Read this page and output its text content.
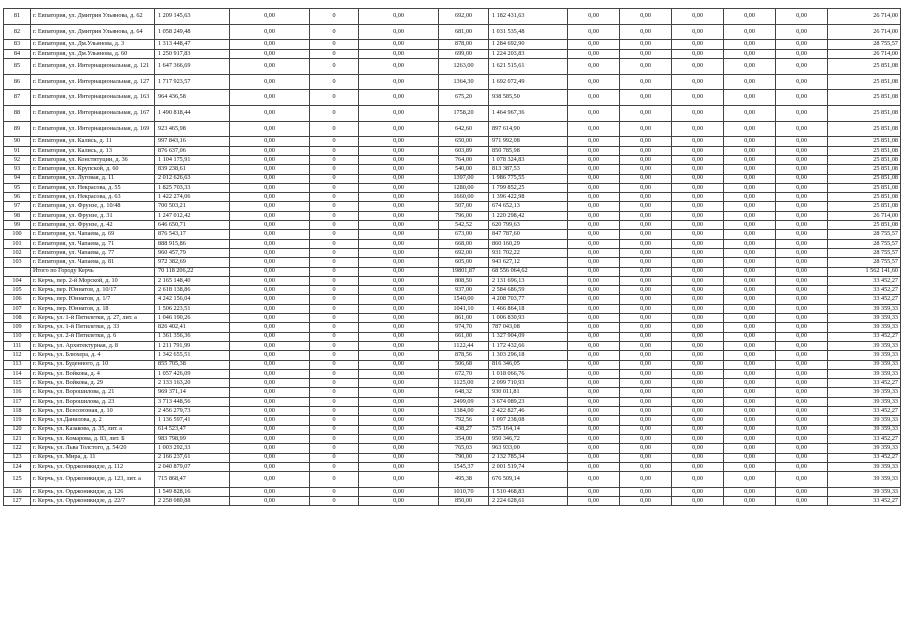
81	г. Евпатория, ул. Дмитрия Ульянова, д. 62	1 209 145,63	0,00	0	0,00	692,00	1 182 431,63	0,00	0,00	0,00	0,00	0,00	26 714,00
82	г. Евпатория, ул. Дмитрия Ульянова, д. 64	1 058 249,48	0,00	0	0,00	681,00	1 031 535,48	0,00	0,00	0,00	0,00	0,00	26 714,00
83	г. Евпатория, ул. Дм.Ульянова, д. 3	1 313 448,47	0,00	0	0,00	878,00	1 284 692,90	0,00	0,00	0,00	0,00	0,00	28 755,57
84	г. Евпатория, ул. Дм.Ульянова, д. 60	1 250 917,83	0,00	0	0,00	699,00	1 224 203,83	0,00	0,00	0,00	0,00	0,00	26 714,00
85	г. Евпатория, ул. Интернациональная, д. 121	1 647 366,69	0,00	0	0,00	1263,00	1 621 515,61	0,00	0,00	0,00	0,00	0,00	25 851,08
86	г. Евпатория, ул. Интернациональная, д. 127	1 717 923,57	0,00	0	0,00	1364,30	1 692 072,49	0,00	0,00	0,00	0,00	0,00	25 851,08
87	г. Евпатория, ул. Интернациональная, д. 163	964 436,58	0,00	0	0,00	675,20	938 585,50	0,00	0,00	0,00	0,00	0,00	25 851,08
88	г. Евпатория, ул. Интернациональная, д. 167	1 490 818,44	0,00	0	0,00	1758,20	1 464 967,36	0,00	0,00	0,00	0,00	0,00	25 851,08
89	г. Евпатория, ул. Интернациональная, д. 169	923 465,98	0,00	0	0,00	642,60	897 614,90	0,00	0,00	0,00	0,00	0,00	25 851,08
90	г. Евпатория, ул. Кались, д. 11	997 843,16	0,00	0	0,00	650,00	971 992,08	0,00	0,00	0,00	0,00	0,00	25 851,08
91	г. Евпатория, ул. Кались, д. 13	876 637,06	0,00	0	0,00	603,89	850 785,98	0,00	0,00	0,00	0,00	0,00	25 851,08
92	г. Евпатория, ул. Конституции, д. 36	1 104 175,91	0,00	0	0,00	764,00	1 078 324,83	0,00	0,00	0,00	0,00	0,00	25 851,08
93	г. Евпатория, ул. Крупской, д. 60	839 238,61	0,00	0	0,00	540,00	813 387,53	0,00	0,00	0,00	0,00	0,00	25 851,08
94	г. Евпатория, ул. Луговая, д. 11	2 012 626,63	0,00	0	0,00	1397,00	1 986 775,55	0,00	0,00	0,00	0,00	0,00	25 851,08
95	г. Евпатория, ул. Некрасова, д. 55	1 825 703,33	0,00	0	0,00	1280,00	1 799 852,25	0,00	0,00	0,00	0,00	0,00	25 851,08
96	г. Евпатория, ул. Некрасова, д. 63	1 422 274,06	0,00	0	0,00	1660,00	1 396 422,98	0,00	0,00	0,00	0,00	0,00	25 851,08
97	г. Евпатория, ул. Фрунзе, д. 10/48	700 503,21	0,00	0	0,00	507,00	674 652,13	0,00	0,00	0,00	0,00	0,00	25 851,08
98	г. Евпатория, ул. Фрунзе, д. 31	1 247 012,42	0,00	0	0,00	796,00	1 220 298,42	0,00	0,00	0,00	0,00	0,00	26 714,00
99	г. Евпатория, ул. Фрунзе, д. 42	646 650,71	0,00	0	0,00	542,52	620 799,63	0,00	0,00	0,00	0,00	0,00	25 851,08
100	г. Евпатория, ул. Чапаева, д. 69	876 543,17	0,00	0	0,00	673,00	847 787,60	0,00	0,00	0,00	0,00	0,00	28 755,57
101	г. Евпатория, ул. Чапаева, д. 71	888 915,86	0,00	0	0,00	668,00	860 160,29	0,00	0,00	0,00	0,00	0,00	28 755,57
102	г. Евпатория, ул. Чапаева, д. 77	960 457,79	0,00	0	0,00	692,00	931 702,22	0,00	0,00	0,00	0,00	0,00	28 755,57
103	г. Евпатория, ул. Чапаева, д. 81	972 382,69	0,00	0	0,00	605,00	943 627,12	0,00	0,00	0,00	0,00	0,00	28 755,57
	Итого по Городу Керчь	70 118 206,22	0,00	0	0,00	19801,87	68 556 064,62	0,00	0,00	0,00	0,00	0,00	1 562 141,60
104	г. Керчь, пер. 2-й Морской, д. 10	2 165 148,40	0,00	0	0,00	808,50	2 131 696,13	0,00	0,00	0,00	0,00	0,00	33 452,27
105	г. Керчь, пер. Юннатов, д. 10/17	2 618 138,86	0,00	0	0,00	937,00	2 584 686,59	0,00	0,00	0,00	0,00	0,00	33 452,27
106	г. Керчь, пер. Юннатов, д. 1/7	4 242 156,04	0,00	0	0,00	1540,00	4 208 703,77	0,00	0,00	0,00	0,00	0,00	33 452,27
107	г. Керчь, пер. Юннатов, д. 18	1 506 223,51	0,00	0	0,00	1041,10	1 466 864,18	0,00	0,00	0,00	0,00	0,00	39 359,33
108	г. Керчь, ул. 1-й Пятилетки, д. 27, лит. а	1 046 190,26	0,00	0	0,00	861,00	1 006 830,93	0,00	0,00	0,00	0,00	0,00	39 359,33
109	г. Керчь, ул. 1-й Пятилетки, д. 33	826 402,41	0,00	0	0,00	974,70	787 043,08	0,00	0,00	0,00	0,00	0,00	39 359,33
110	г. Керчь, ул. 2-й Пятилетки, д. 6	1 361 356,36	0,00	0	0,00	661,00	1 327 904,09	0,00	0,00	0,00	0,00	0,00	33 452,27
111	г. Керчь, ул. Архитектурная, д. 8	1 211 791,99	0,00	0	0,00	1122,44	1 172 432,66	0,00	0,00	0,00	0,00	0,00	39 359,33
112	г. Керчь, ул. Блюхера, д. 4	1 342 655,51	0,00	0	0,00	878,56	1 303 296,18	0,00	0,00	0,00	0,00	0,00	39 359,33
113	г. Керчь, ул. Буденного, д. 10	855 705,38	0,00	0	0,00	506,68	816 346,05	0,00	0,00	0,00	0,00	0,00	39 359,33
114	г. Керчь, ул. Войкова, д. 4	1 057 426,09	0,00	0	0,00	672,70	1 018 066,76	0,00	0,00	0,00	0,00	0,00	39 359,33
115	г. Керчь, ул. Войкова, д. 29	2 133 163,20	0,00	0	0,00	1125,00	2 099 710,93	0,00	0,00	0,00	0,00	0,00	33 452,27
116	г. Керчь, ул. Ворошилова, д. 21	969 371,14	0,00	0	0,00	648,32	930 011,81	0,00	0,00	0,00	0,00	0,00	39 359,33
117	г. Керчь, ул. Ворошилова, д. 23	3 713 448,56	0,00	0	0,00	2499,09	3 674 089,23	0,00	0,00	0,00	0,00	0,00	39 359,33
118	г. Керчь, ул. Всесоюзная, д. 10	2 456 279,73	0,00	0	0,00	1384,00	2 422 827,46	0,00	0,00	0,00	0,00	0,00	33 452,27
119	г. Керчь, ул.Данилова, д. 2	1 136 597,41	0,00	0	0,00	792,56	1 097 238,08	0,00	0,00	0,00	0,00	0,00	39 359,33
120	г. Керчь, ул. Казакова, д. 35, лит. а	614 523,47	0,00	0	0,00	438,27	575 164,14	0,00	0,00	0,00	0,00	0,00	39 359,33
121	г. Керчь, ул. Комарова, д. 83, лит. Б	983 798,99	0,00	0	0,00	354,00	950 346,72	0,00	0,00	0,00	0,00	0,00	33 452,27
122	г. Керчь, ул. Льва Толстого, д. 54/20	1 003 292,33	0,00	0	0,00	765,03	963 933,00	0,00	0,00	0,00	0,00	0,00	39 359,33
123	г. Керчь, ул. Мира, д. 11	2 166 237,61	0,00	0	0,00	790,00	2 132 785,34	0,00	0,00	0,00	0,00	0,00	33 452,27
124	г. Керчь, ул. Орджоникидзе, д. 112	2 040 879,07	0,00	0	0,00	1545,37	2 001 519,74	0,00	0,00	0,00	0,00	0,00	39 359,33
125	г. Керчь, ул. Орджоникидзе, д. 123, лит. а	715 868,47	0,00	0	0,00	495,38	676 509,14	0,00	0,00	0,00	0,00	0,00	39 359,33
126	г. Керчь, ул. Орджоникидзе, д. 126	1 549 828,16	0,00	0	0,00	1010,70	1 510 468,83	0,00	0,00	0,00	0,00	0,00	39 359,33
127	г. Керчь, ул. Орджоникидзе, д. 22/7	2 258 080,88	0,00	0	0,00	850,00	2 224 628,61	0,00	0,00	0,00	0,00	0,00	33 452,27
